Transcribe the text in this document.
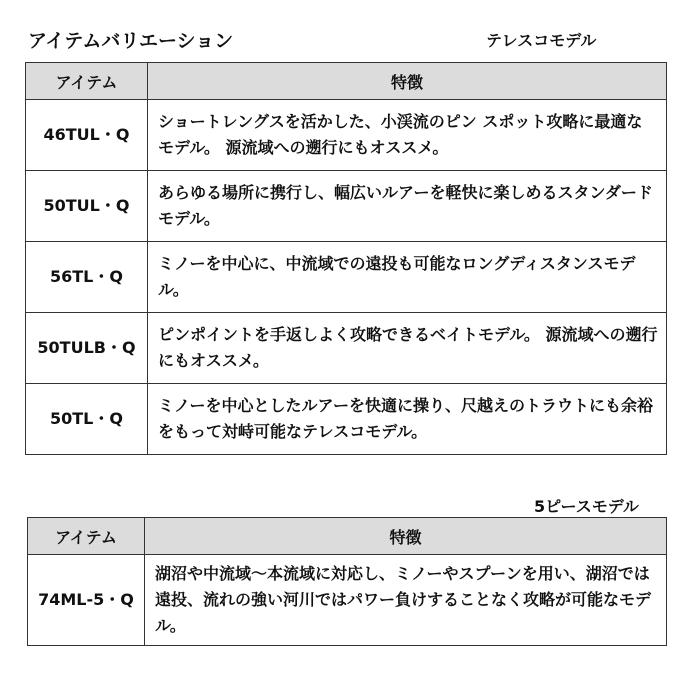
アイテムバリエーション	テレスコモデル
アイテム	特徴
46TUL・Q	ショートレングスを活かした、小渓流のピン スポット攻略に最適なモデル。 源流域への遡行にもオススメ。
50TUL・Q	あらゆる場所に携行し、幅広いルアーを軽快に楽しめるスタンダードモデル。
56TL・Q	ミノーを中心に、中流域での遠投も可能なロングディスタンスモデル。
50TULB・Q	ピンポイントを手返しよく攻略できるベイトモデル。 源流域への遡行にもオススメ。
50TL・Q	ミノーを中心としたルアーを快適に操り、尺越えのトラウトにも余裕をもって対峙可能なテレスコモデル。
5ピースモデル
アイテム	特徴
74ML-5・Q	湖沼や中流域～本流域に対応し、ミノーやスプーンを用い、湖沼では遠投、流れの強い河川ではパワー負けすることなく攻略が可能なモデル。
